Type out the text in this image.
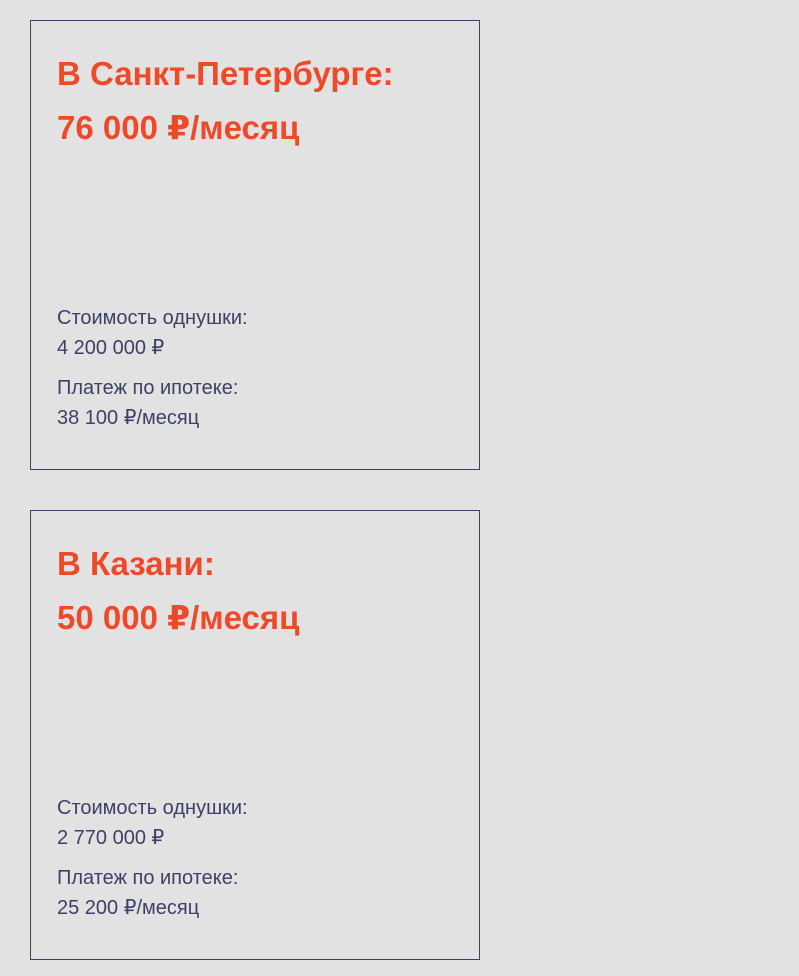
В Санкт-Петербурге:
76 000 ₽/месяц
Стоимость однушки:
4 200 000 ₽
Платеж по ипотеке:
38 100 ₽/месяц
В Казани:
50 000 ₽/месяц
Стоимость однушки:
2 770 000 ₽
Платеж по ипотеке:
25 200 ₽/месяц
